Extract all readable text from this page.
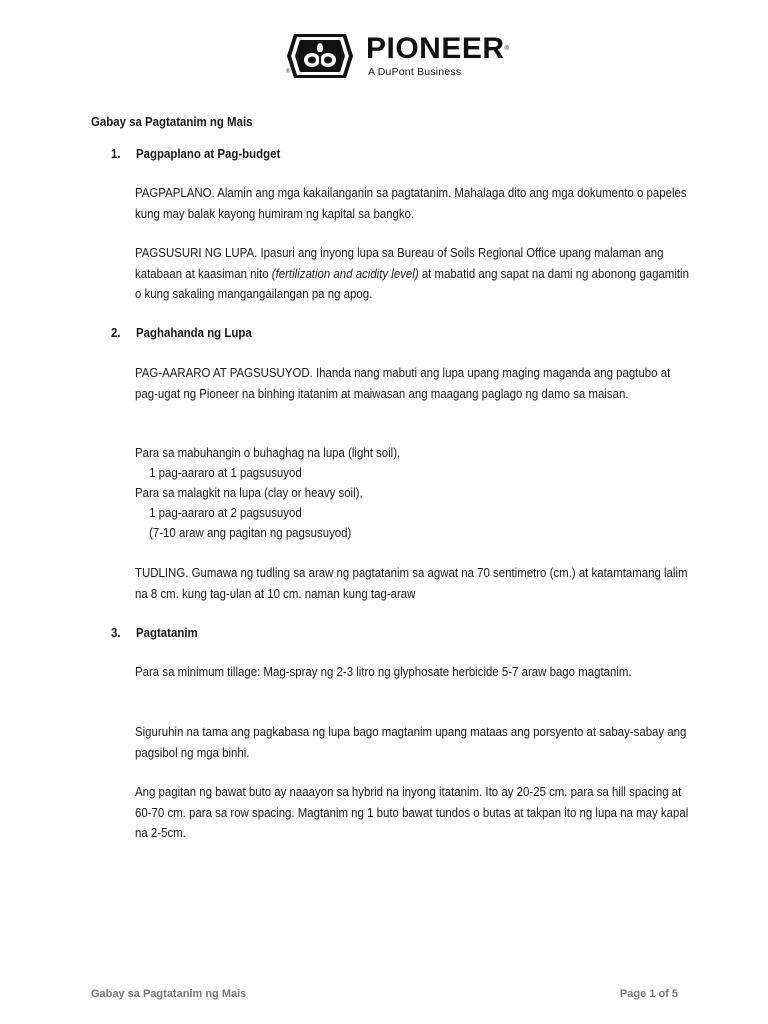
PIONEER®
A DuPont Business
®
Gabay sa Pagtatanim ng Mais
1. Pagpaplano at Pag-budget
PAGPAPLANO. Alamin ang mga kakailanganin sa pagtatanim. Mahalaga dito ang mga dokumento o papeles kung may balak kayong humiram ng kapital sa bangko.
PAGSUSURI NG LUPA. Ipasuri ang inyong lupa sa Bureau of Soils Regional Office upang malaman ang katabaan at kaasiman nito (fertilization and acidity level) at mabatid ang sapat na dami ng abonong gagamitin o kung sakaling mangangailangan pa ng apog.
2. Paghahanda ng Lupa
PAG-AARARO AT PAGSUSUYOD. Ihanda nang mabuti ang lupa upang maging maganda ang pagtubo at pag-ugat ng Pioneer na binhing itatanim at maiwasan ang maagang paglago ng damo sa maisan.
Para sa mabuhangin o buhaghag na lupa (light soil),
1 pag-aararo at 1 pagsusuyod
Para sa malagkit na lupa (clay or heavy soil),
1 pag-aararo at 2 pagsusuyod
(7-10 araw ang pagitan ng pagsusuyod)
TUDLING. Gumawa ng tudling sa araw ng pagtatanim sa agwat na 70 sentimetro (cm.) at katamtamang lalim na 8 cm. kung tag-ulan at 10 cm. naman kung tag-araw
3. Pagtatanim
Para sa minimum tillage: Mag-spray ng 2-3 litro ng glyphosate herbicide 5-7 araw bago magtanim.
Siguruhin na tama ang pagkabasa ng lupa bago magtanim upang mataas ang porsyento at sabay-sabay ang pagsibol ng mga binhi.
Ang pagitan ng bawat buto ay naaayon sa hybrid na inyong itatanim. Ito ay 20-25 cm. para sa hill spacing at 60-70 cm. para sa row spacing. Magtanim ng 1 buto bawat tundos o butas at takpan ito ng lupa na may kapal na 2-5cm.
Gabay sa Pagtatanim ng Mais	Page 1 of 5
